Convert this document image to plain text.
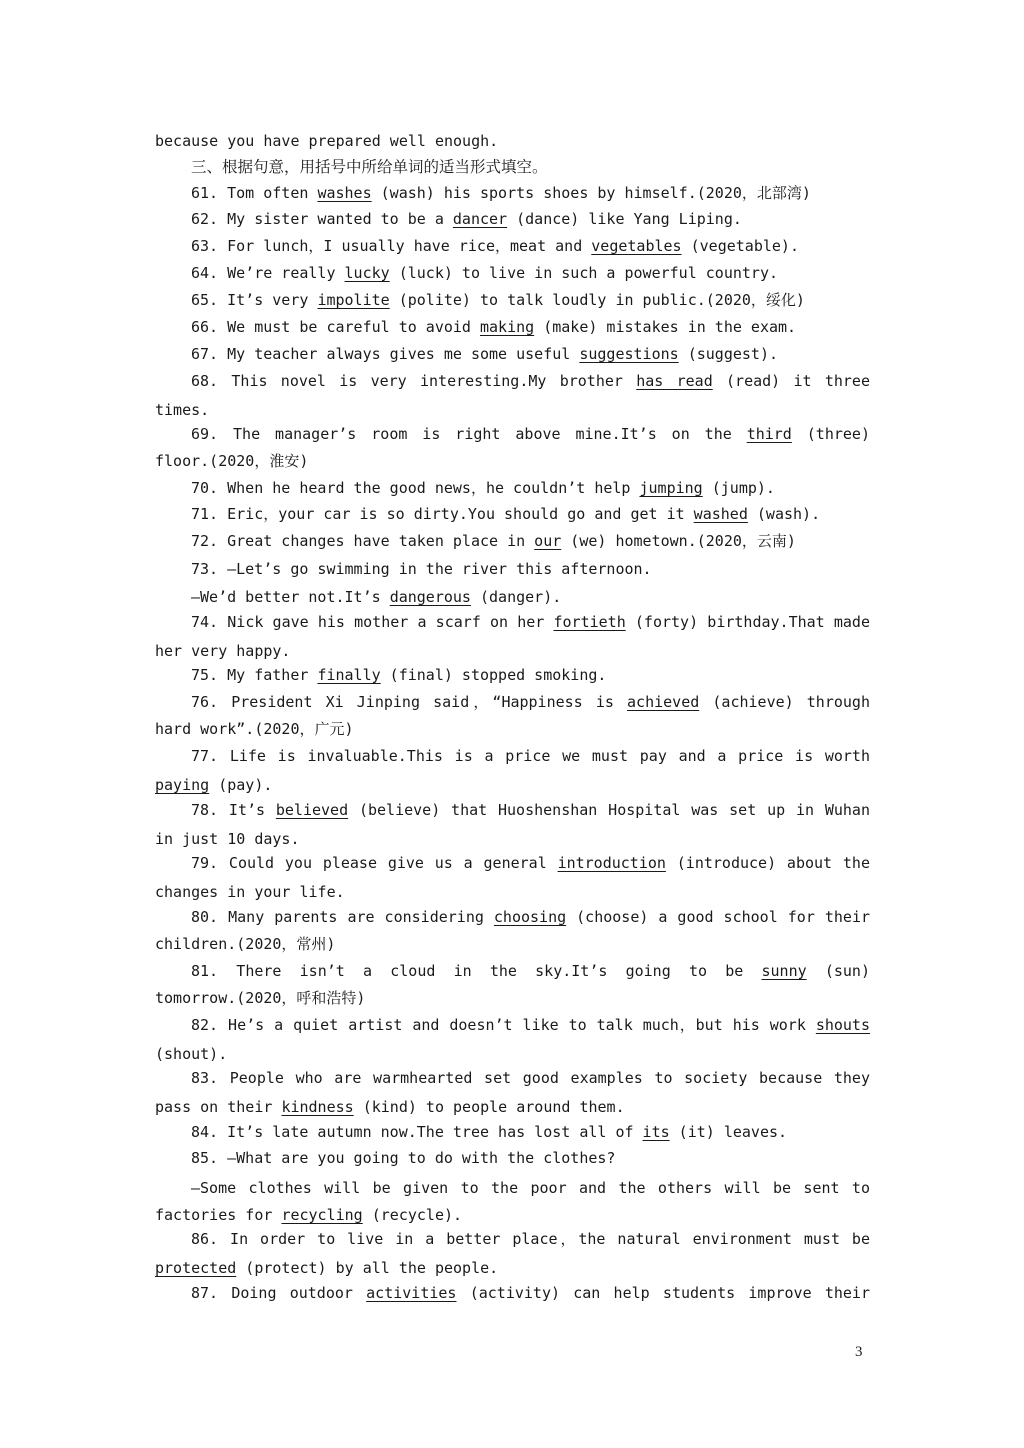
because you have prepared well enough.
三、根据句意，用括号中所给单词的适当形式填空。
61. Tom often washes (wash) his sports shoes by himself.(2020，北部湾)
62. My sister wanted to be a dancer (dance) like Yang Liping.
63. For lunch，I usually have rice，meat and vegetables (vegetable).
64. We’re really lucky (luck) to live in such a powerful country.
65. It’s very impolite (polite) to talk loudly in public.(2020，绥化)
66. We must be careful to avoid making (make) mistakes in the exam.
67. My teacher always gives me some useful suggestions (suggest).
68. This novel is very interesting.My brother has read (read) it three
times.
69. The manager’s room is right above mine.It’s on the third (three)
floor.(2020，淮安)
70. When he heard the good news，he couldn’t help jumping (jump).
71. Eric，your car is so dirty.You should go and get it washed (wash).
72. Great changes have taken place in our (we) hometown.(2020，云南)
73. —Let’s go swimming in the river this afternoon.
—We’d better not.It’s dangerous (danger).
74. Nick gave his mother a scarf on her fortieth (forty) birthday.That made
her very happy.
75. My father finally (final) stopped smoking.
76. President Xi Jinping said，“Happiness is achieved (achieve) through
hard work”.(2020，广元)
77. Life is invaluable.This is a price we must pay and a price is worth
paying (pay).
78. It’s believed (believe) that Huoshenshan Hospital was set up in Wuhan
in just 10 days.
79. Could you please give us a general introduction (introduce) about the
changes in your life.
80. Many parents are considering choosing (choose) a good school for their
children.(2020，常州)
81. There isn’t a cloud in the sky.It’s going to be sunny (sun)
tomorrow.(2020，呼和浩特)
82. He’s a quiet artist and doesn’t like to talk much，but his work shouts
(shout).
83. People who are warmhearted set good examples to society because they
pass on their kindness (kind) to people around them.
84. It’s late autumn now.The tree has lost all of its (it) leaves.
85. —What are you going to do with the clothes?
—Some clothes will be given to the poor and the others will be sent to
factories for recycling (recycle).
86. In order to live in a better place，the natural environment must be
protected (protect) by all the people.
87. Doing outdoor activities (activity) can help students improve their
3
